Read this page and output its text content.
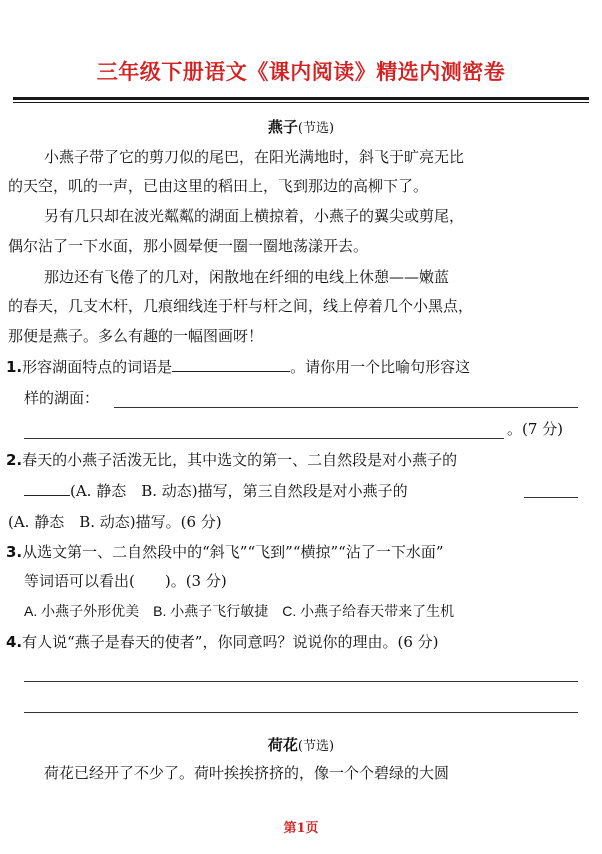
三年级下册语文《课内阅读》精选内测密卷
燕子(节选)
小燕子带了它的剪刀似的尾巴，在阳光满地时，斜飞于旷亮无比
的天空，叽的一声，已由这里的稻田上，飞到那边的高柳下了。
另有几只却在波光粼粼的湖面上横掠着，小燕子的翼尖或剪尾，
偶尔沾了一下水面，那小圆晕便一圈一圈地荡漾开去。
那边还有飞倦了的几对，闲散地在纤细的电线上休憩——嫩蓝
的春天，几支木杆，几痕细线连于杆与杆之间，线上停着几个小黑点，
那便是燕子。多么有趣的一幅图画呀！
1.形容湖面特点的词语是	。请你用一个比喻句形容这
样的湖面：
。(7 分)
2.春天的小燕子活泼无比，其中选文的第一、二自然段是对小燕子的
(A. 静态　B. 动态)描写，第三自然段是对小燕子的
(A. 静态　B. 动态)描写。(6 分)
3.从选文第一、二自然段中的“斜飞”“飞到”“横掠”“沾了一下水面”
等词语可以看出(　　)。(3 分)
A. 小燕子外形优美　B. 小燕子飞行敏捷　C. 小燕子给春天带来了生机
4.有人说“燕子是春天的使者”，你同意吗？说说你的理由。(6 分)
荷花(节选)
荷花已经开了不少了。荷叶挨挨挤挤的，像一个个碧绿的大圆
第1页
